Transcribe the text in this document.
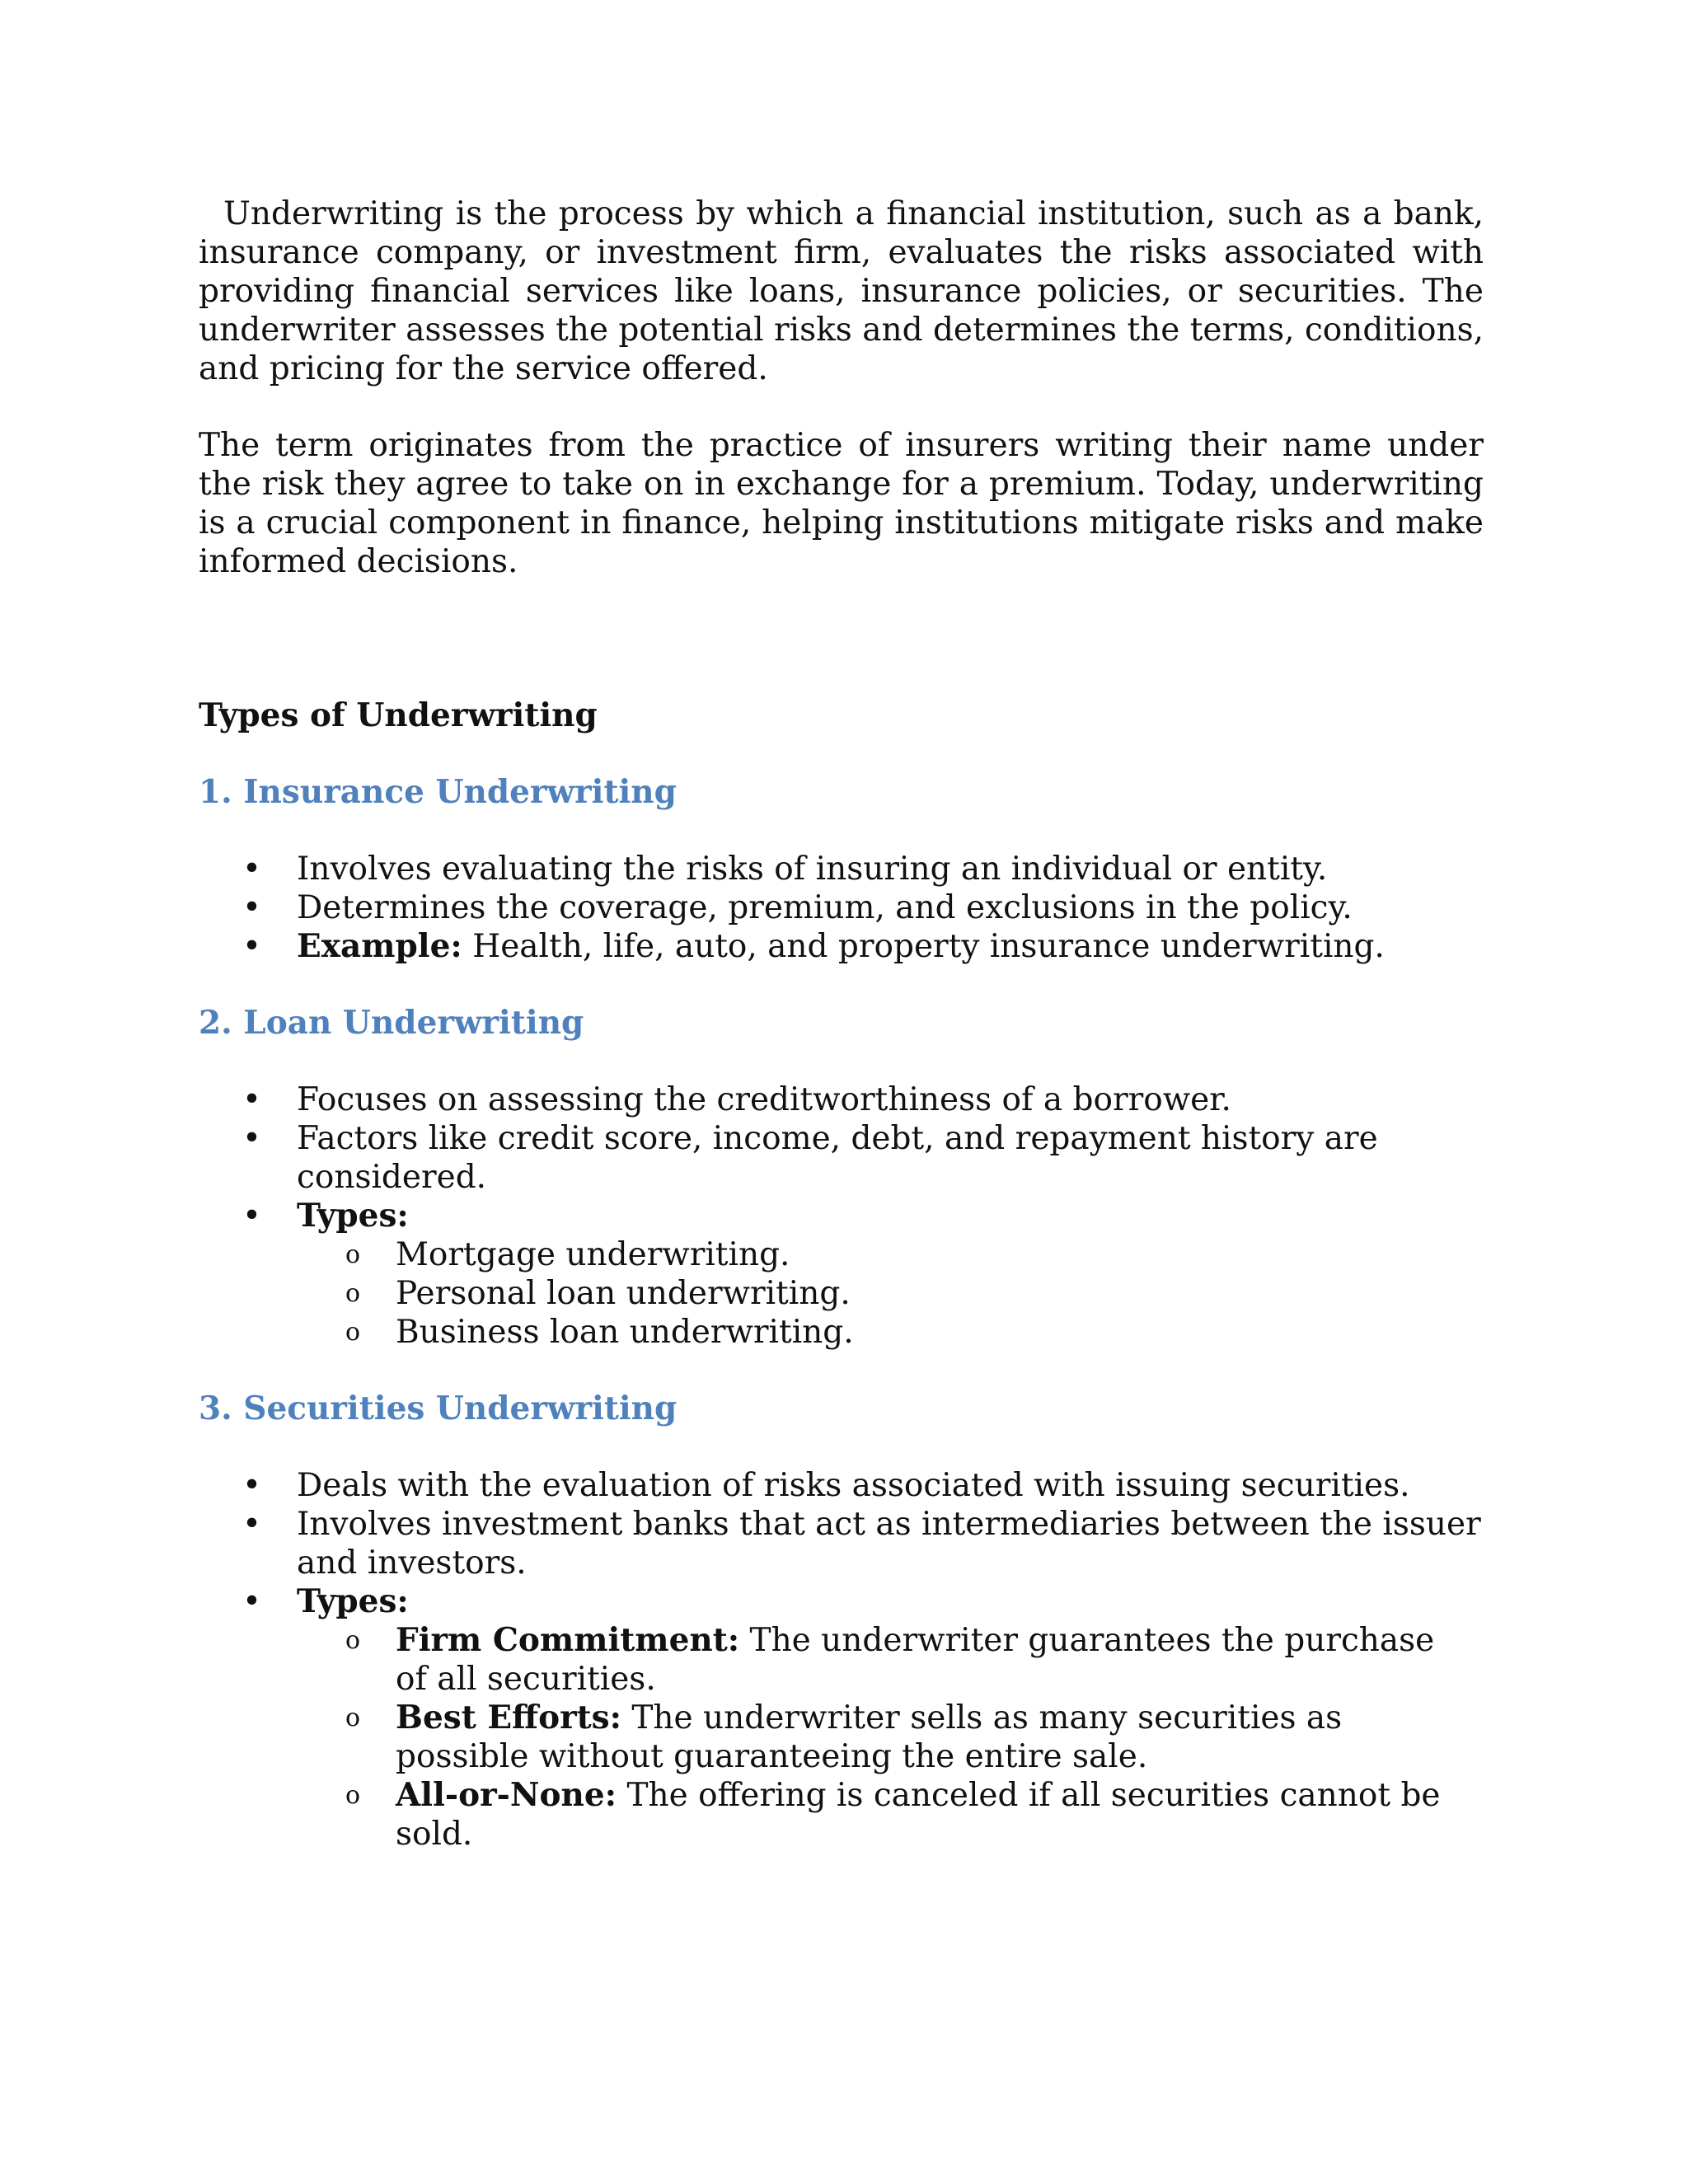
Underwriting is the process by which a financial institution, such as a bank, insurance company, or investment firm, evaluates the risks associated with providing financial services like loans, insurance policies, or securities. The underwriter assesses the potential risks and determines the terms, conditions, and pricing for the service offered.

The term originates from the practice of insurers writing their name under the risk they agree to take on in exchange for a premium. Today, underwriting is a crucial component in finance, helping institutions mitigate risks and make informed decisions.

Types of Underwriting

1. Insurance Underwriting

• Involves evaluating the risks of insuring an individual or entity.
• Determines the coverage, premium, and exclusions in the policy.
• Example: Health, life, auto, and property insurance underwriting.

2. Loan Underwriting

• Focuses on assessing the creditworthiness of a borrower.
• Factors like credit score, income, debt, and repayment history are considered.
• Types:
o Mortgage underwriting.
o Personal loan underwriting.
o Business loan underwriting.

3. Securities Underwriting

• Deals with the evaluation of risks associated with issuing securities.
• Involves investment banks that act as intermediaries between the issuer and investors.
• Types:
o Firm Commitment: The underwriter guarantees the purchase of all securities.
o Best Efforts: The underwriter sells as many securities as possible without guaranteeing the entire sale.
o All-or-None: The offering is canceled if all securities cannot be sold.
